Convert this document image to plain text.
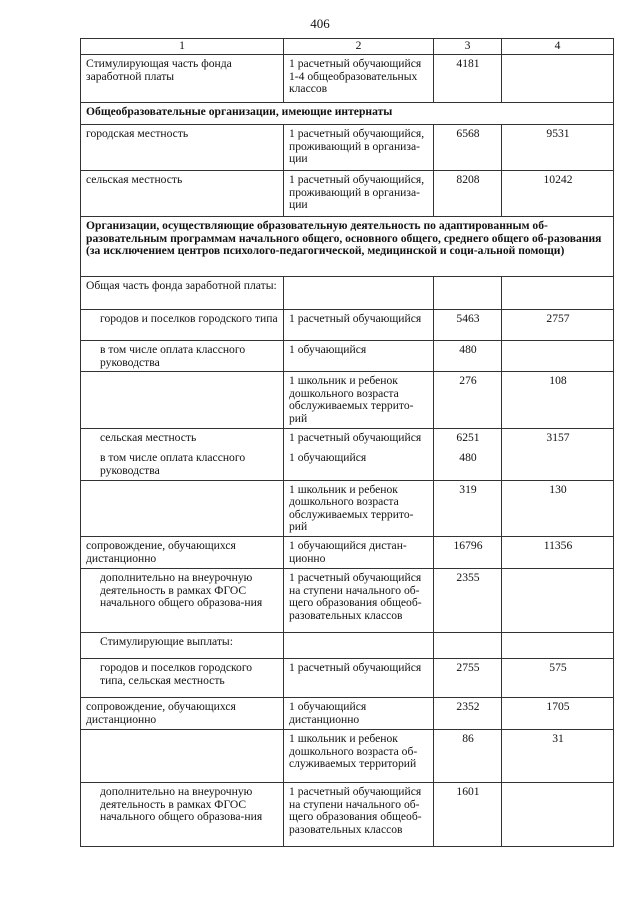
406
1	2	3	4
Стимулирующая часть фонда заработной платы	1 расчетный обучающийся 1-4 общеобразовательных классов	4181	
Общеобразовательные организации, имеющие интернаты			
городская местность	1 расчетный обучающийся, проживающий в организа-ции	6568	9531
сельская местность	1 расчетный обучающийся, проживающий в организа-ции	8208	10242
Организации, осуществляющие образовательную деятельность по адаптированным об-разовательным программам начального общего, основного общего, среднего общего об-разования (за исключением центров психолого-педагогической, медицинской и соци-альной помощи)			
Общая часть фонда заработной платы:			
городов и поселков городского типа	1 расчетный обучающийся	5463	2757
в том числе оплата классного руководства	1 обучающийся	480	
	1 школьник и ребенок дошкольного возраста обслуживаемых террито-рий	276	108
сельская местность	1 расчетный обучающийся	6251	3157
в том числе оплата классного руководства	1 обучающийся	480	
	1 школьник и ребенок дошкольного возраста обслуживаемых террито-рий	319	130
сопровождение, обучающихся дистанционно	1 обучающийся дистан-ционно	16796	11356
дополнительно на внеурочную деятельность в рамках ФГОС начального общего образова-ния	1 расчетный обучающийся на ступени начального об-щего образования общеоб-разовательных классов	2355	
Стимулирующие выплаты:			
городов и поселков городского типа, сельская местность	1 расчетный обучающийся	2755	575
сопровождение, обучающихся дистанционно	1 обучающийся дистанционно	2352	1705
	1 школьник и ребенок дошкольного возраста об-служиваемых территорий	86	31
дополнительно на внеурочную деятельность в рамках ФГОС начального общего образова-ния	1 расчетный обучающийся на ступени начального об-щего образования общеоб-разовательных классов	1601	
